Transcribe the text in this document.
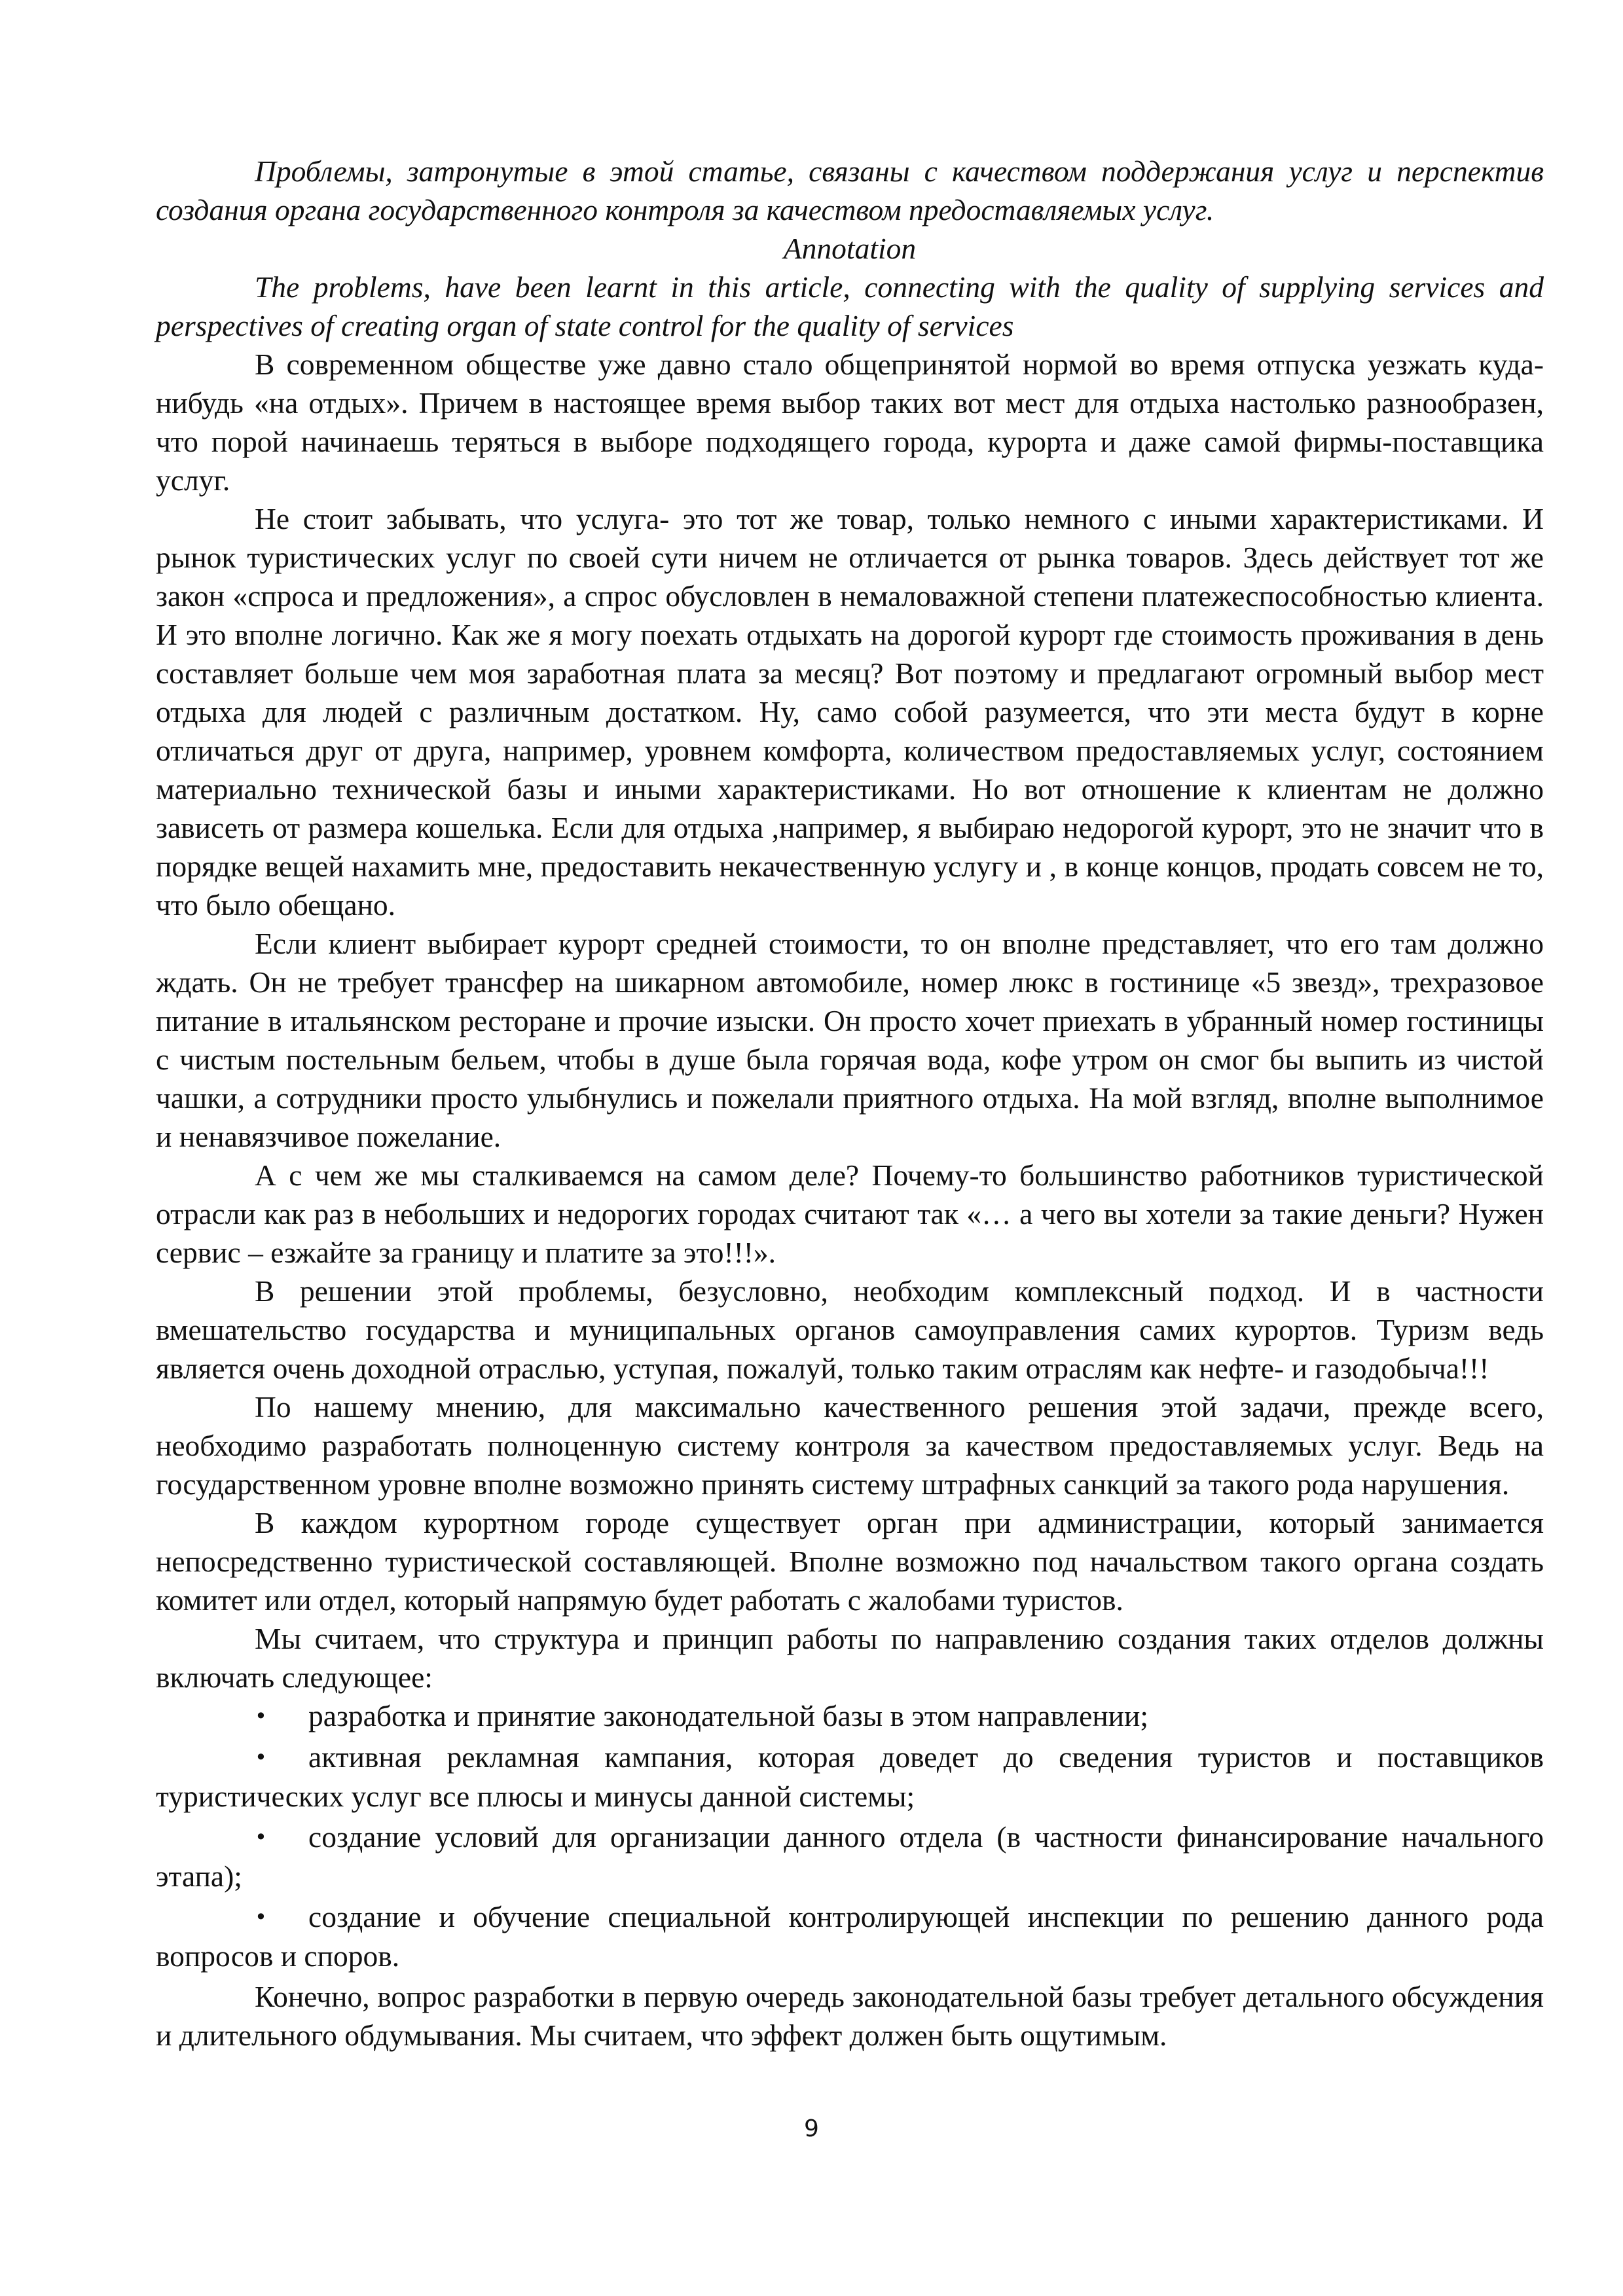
Проблемы, затронутые в этой статье, связаны с качеством поддержания услуг и перспектив создания органа государственного контроля за качеством предоставляемых услуг.

Annotation

The problems, have been learnt in this article, connecting with the quality of supplying services and perspectives of creating organ of state control for the quality of services

В современном обществе уже давно стало общепринятой нормой во время отпуска уезжать куда-нибудь «на отдых». Причем в настоящее время выбор таких вот мест для отдыха настолько разнообразен, что порой начинаешь теряться в выборе подходящего города, курорта и даже самой фирмы-поставщика услуг.

Не стоит забывать, что услуга- это тот же товар, только немного с иными характеристиками. И рынок туристических услуг по своей сути ничем не отличается от рынка товаров. Здесь действует тот же закон «спроса и предложения», а спрос обусловлен в немаловажной степени платежеспособностью клиента. И это вполне логично. Как же я могу поехать отдыхать на дорогой курорт где стоимость проживания в день составляет больше чем моя заработная плата за месяц? Вот поэтому и предлагают огромный выбор мест отдыха для людей с различным достатком. Ну, само собой разумеется, что эти места будут в корне отличаться друг от друга, например, уровнем комфорта, количеством предоставляемых услуг, состоянием материально технической базы и иными характеристиками. Но вот отношение к клиентам не должно зависеть от размера кошелька. Если для отдыха ,например, я выбираю недорогой курорт, это не значит что в порядке вещей нахамить мне, предоставить некачественную услугу и , в конце концов, продать совсем не то, что было обещано.

Если клиент выбирает курорт средней стоимости, то он вполне представляет, что его там должно ждать. Он не требует трансфер на шикарном автомобиле, номер люкс в гостинице «5 звезд», трехразовое питание в итальянском ресторане и прочие изыски. Он просто хочет приехать в убранный номер гостиницы с чистым постельным бельем, чтобы в душе была горячая вода, кофе утром он смог бы выпить из чистой чашки, а сотрудники просто улыбнулись и пожелали приятного отдыха. На мой взгляд, вполне выполнимое и ненавязчивое пожелание.

А с чем же мы сталкиваемся на самом деле? Почему-то большинство работников туристической отрасли как раз в небольших и недорогих городах считают так «… а чего вы хотели за такие деньги? Нужен сервис – езжайте за границу и платите за это!!!».

В решении этой проблемы, безусловно, необходим комплексный подход. И в частности вмешательство государства и муниципальных органов самоуправления самих курортов. Туризм ведь является очень доходной отраслью, уступая, пожалуй, только таким отраслям как нефте- и газодобыча!!!

По нашему мнению, для максимально качественного решения этой задачи, прежде всего, необходимо разработать полноценную систему контроля за качеством предоставляемых услуг. Ведь на государственном уровне вполне возможно принять систему штрафных санкций за такого рода нарушения.

В каждом курортном городе существует орган при администрации, который занимается непосредственно туристической составляющей. Вполне возможно под начальством такого органа создать комитет или отдел, который напрямую будет работать с жалобами туристов.

Мы считаем, что структура и принцип работы по направлению создания таких отделов должны включать следующее:

• разработка и принятие законодательной базы в этом направлении;
• активная рекламная кампания, которая доведет до сведения туристов и поставщиков туристических услуг все плюсы и минусы данной системы;
• создание условий для организации данного отдела (в частности финансирование начального этапа);
• создание и обучение специальной контролирующей инспекции по решению данного рода вопросов и споров.

Конечно, вопрос разработки в первую очередь законодательной базы требует детального обсуждения и длительного обдумывания. Мы считаем, что эффект должен быть ощутимым.

9
